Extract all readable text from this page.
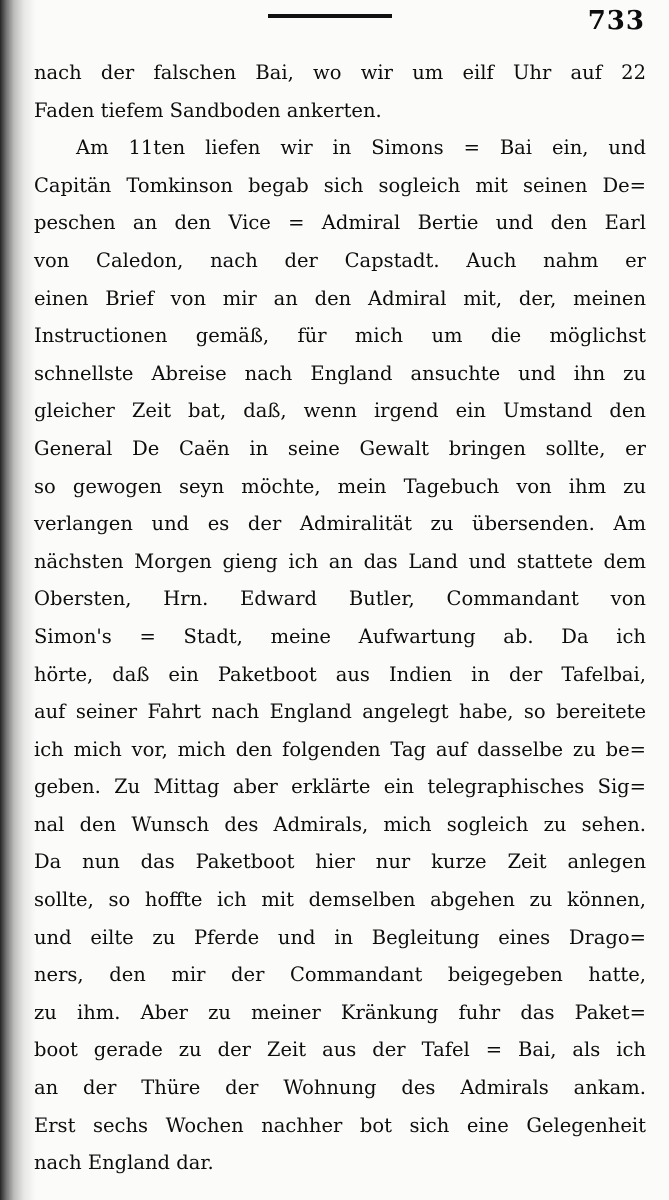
733
nach der falschen Bai, wo wir um eilf Uhr auf 22
Faden tiefem Sandboden ankerten.
Am 11ten liefen wir in Simons = Bai ein, und
Capitän Tomkinson begab sich sogleich mit seinen De=
peschen an den Vice = Admiral Bertie und den Earl
von Caledon, nach der Capstadt. Auch nahm er
einen Brief von mir an den Admiral mit, der, meinen
Instructionen gemäß, für mich um die möglichst
schnellste Abreise nach England ansuchte und ihn zu
gleicher Zeit bat, daß, wenn irgend ein Umstand den
General De Caën in seine Gewalt bringen sollte, er
so gewogen seyn möchte, mein Tagebuch von ihm zu
verlangen und es der Admiralität zu übersenden. Am
nächsten Morgen gieng ich an das Land und stattete dem
Obersten, Hrn. Edward Butler, Commandant von
Simon's = Stadt, meine Aufwartung ab. Da ich
hörte, daß ein Paketboot aus Indien in der Tafelbai,
auf seiner Fahrt nach England angelegt habe, so bereitete
ich mich vor, mich den folgenden Tag auf dasselbe zu be=
geben. Zu Mittag aber erklärte ein telegraphisches Sig=
nal den Wunsch des Admirals, mich sogleich zu sehen.
Da nun das Paketboot hier nur kurze Zeit anlegen
sollte, so hoffte ich mit demselben abgehen zu können,
und eilte zu Pferde und in Begleitung eines Drago=
ners, den mir der Commandant beigegeben hatte,
zu ihm. Aber zu meiner Kränkung fuhr das Paket=
boot gerade zu der Zeit aus der Tafel = Bai, als ich
an der Thüre der Wohnung des Admirals ankam.
Erst sechs Wochen nachher bot sich eine Gelegenheit
nach England dar.
